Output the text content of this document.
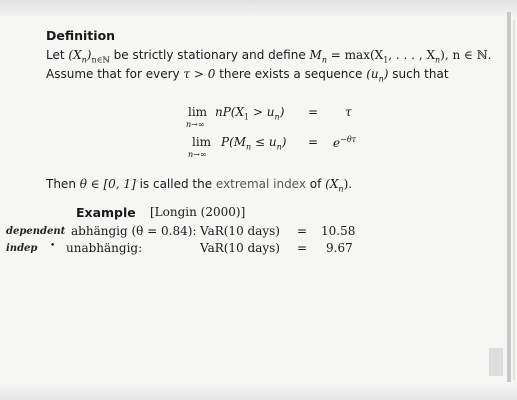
Definition
Let $(X_n)_{n\in ℕ}$ be strictly stationary and define $M_n = \max(X_1$, . . . , $X_n$), n ∈ ℕ.
Assume that for every τ > 0 there exists a sequence $(u_n)$ such that
lim
n→∞
$nP(X_1 > u_n) = \tau$
lim
n→∞
$P(M_n \le u_n) = e^{-\theta\tau}$
Then θ ∈ [0, 1] is called the extremal index of $(X_n)$.
Example [Longin (2000)]
dependent abhängig (θ = 0.84): VaR(10 days) = 10.58
indep • unabhängig:	VaR(10 days) = 9.67
